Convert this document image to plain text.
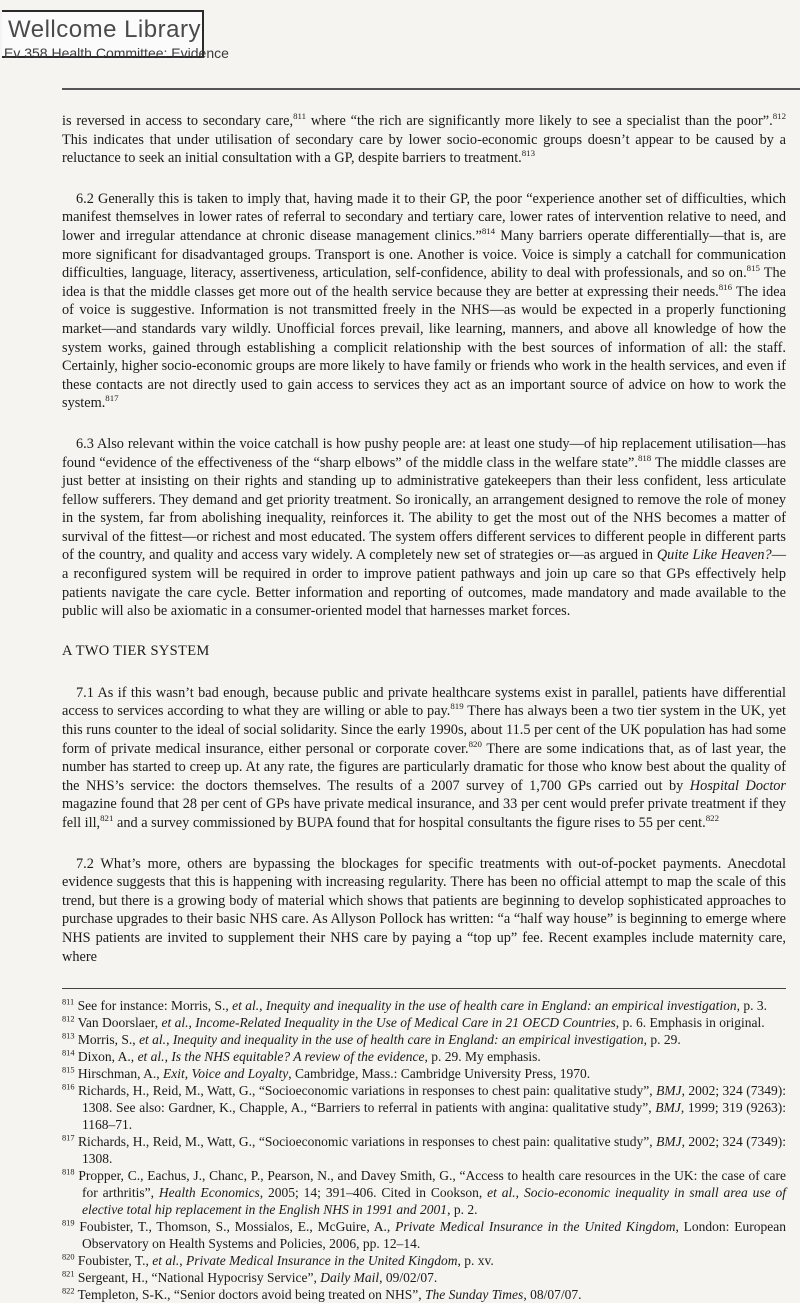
Wellcome Library
Ev 358 Health Committee: Evidence

is reversed in access to secondary care,$^{811}$ where “the rich are significantly more likely to see a specialist than the poor”.$^{812}$ This indicates that under utilisation of secondary care by lower socio-economic groups doesn’t appear to be caused by a reluctance to seek an initial consultation with a GP, despite barriers to treatment.$^{813}$

6.2 Generally this is taken to imply that, having made it to their GP, the poor “experience another set of difficulties, which manifest themselves in lower rates of referral to secondary and tertiary care, lower rates of intervention relative to need, and lower and irregular attendance at chronic disease management clinics.”$^{814}$ Many barriers operate differentially—that is, are more significant for disadvantaged groups. Transport is one. Another is voice. Voice is simply a catchall for communication difficulties, language, literacy, assertiveness, articulation, self-confidence, ability to deal with professionals, and so on.$^{815}$ The idea is that the middle classes get more out of the health service because they are better at expressing their needs.$^{816}$ The idea of voice is suggestive. Information is not transmitted freely in the NHS—as would be expected in a properly functioning market—and standards vary wildly. Unofficial forces prevail, like learning, manners, and above all knowledge of how the system works, gained through establishing a complicit relationship with the best sources of information of all: the staff. Certainly, higher socio-economic groups are more likely to have family or friends who work in the health services, and even if these contacts are not directly used to gain access to services they act as an important source of advice on how to work the system.$^{817}$

6.3 Also relevant within the voice catchall is how pushy people are: at least one study—of hip replacement utilisation—has found “evidence of the effectiveness of the “sharp elbows” of the middle class in the welfare state”.$^{818}$ The middle classes are just better at insisting on their rights and standing up to administrative gatekeepers than their less confident, less articulate fellow sufferers. They demand and get priority treatment. So ironically, an arrangement designed to remove the role of money in the system, far from abolishing inequality, reinforces it. The ability to get the most out of the NHS becomes a matter of survival of the fittest—or richest and most educated. The system offers different services to different people in different parts of the country, and quality and access vary widely. A completely new set of strategies or—as argued in Quite Like Heaven?—a reconfigured system will be required in order to improve patient pathways and join up care so that GPs effectively help patients navigate the care cycle. Better information and reporting of outcomes, made mandatory and made available to the public will also be axiomatic in a consumer-oriented model that harnesses market forces.

A TWO TIER SYSTEM

7.1 As if this wasn’t bad enough, because public and private healthcare systems exist in parallel, patients have differential access to services according to what they are willing or able to pay.$^{819}$ There has always been a two tier system in the UK, yet this runs counter to the ideal of social solidarity. Since the early 1990s, about 11.5 per cent of the UK population has had some form of private medical insurance, either personal or corporate cover.$^{820}$ There are some indications that, as of last year, the number has started to creep up. At any rate, the figures are particularly dramatic for those who know best about the quality of the NHS’s service: the doctors themselves. The results of a 2007 survey of 1,700 GPs carried out by Hospital Doctor magazine found that 28 per cent of GPs have private medical insurance, and 33 per cent would prefer private treatment if they fell ill,$^{821}$ and a survey commissioned by BUPA found that for hospital consultants the figure rises to 55 per cent.$^{822}$

7.2 What’s more, others are bypassing the blockages for specific treatments with out-of-pocket payments. Anecdotal evidence suggests that this is happening with increasing regularity. There has been no official attempt to map the scale of this trend, but there is a growing body of material which shows that patients are beginning to develop sophisticated approaches to purchase upgrades to their basic NHS care. As Allyson Pollock has written: “a “half way house” is beginning to emerge where NHS patients are invited to supplement their NHS care by paying a “top up” fee. Recent examples include maternity care, where

$^{811}$ See for instance: Morris, S., et al., Inequity and inequality in the use of health care in England: an empirical investigation, p. 3.
$^{812}$ Van Doorslaer, et al., Income-Related Inequality in the Use of Medical Care in 21 OECD Countries, p. 6. Emphasis in original.
$^{813}$ Morris, S., et al., Inequity and inequality in the use of health care in England: an empirical investigation, p. 29.
$^{814}$ Dixon, A., et al., Is the NHS equitable? A review of the evidence, p. 29. My emphasis.
$^{815}$ Hirschman, A., Exit, Voice and Loyalty, Cambridge, Mass.: Cambridge University Press, 1970.
$^{816}$ Richards, H., Reid, M., Watt, G., “Socioeconomic variations in responses to chest pain: qualitative study”, BMJ, 2002; 324 (7349): 1308. See also: Gardner, K., Chapple, A., “Barriers to referral in patients with angina: qualitative study”, BMJ, 1999; 319 (9263): 1168–71.
$^{817}$ Richards, H., Reid, M., Watt, G., “Socioeconomic variations in responses to chest pain: qualitative study”, BMJ, 2002; 324 (7349): 1308.
$^{818}$ Propper, C., Eachus, J., Chanc, P., Pearson, N., and Davey Smith, G., “Access to health care resources in the UK: the case of care for arthritis”, Health Economics, 2005; 14; 391–406. Cited in Cookson, et al., Socio-economic inequality in small area use of elective total hip replacement in the English NHS in 1991 and 2001, p. 2.
$^{819}$ Foubister, T., Thomson, S., Mossialos, E., McGuire, A., Private Medical Insurance in the United Kingdom, London: European Observatory on Health Systems and Policies, 2006, pp. 12–14.
$^{820}$ Foubister, T., et al., Private Medical Insurance in the United Kingdom, p. xv.
$^{821}$ Sergeant, H., “National Hypocrisy Service”, Daily Mail, 09/02/07.
$^{822}$ Templeton, S-K., “Senior doctors avoid being treated on NHS”, The Sunday Times, 08/07/07.
